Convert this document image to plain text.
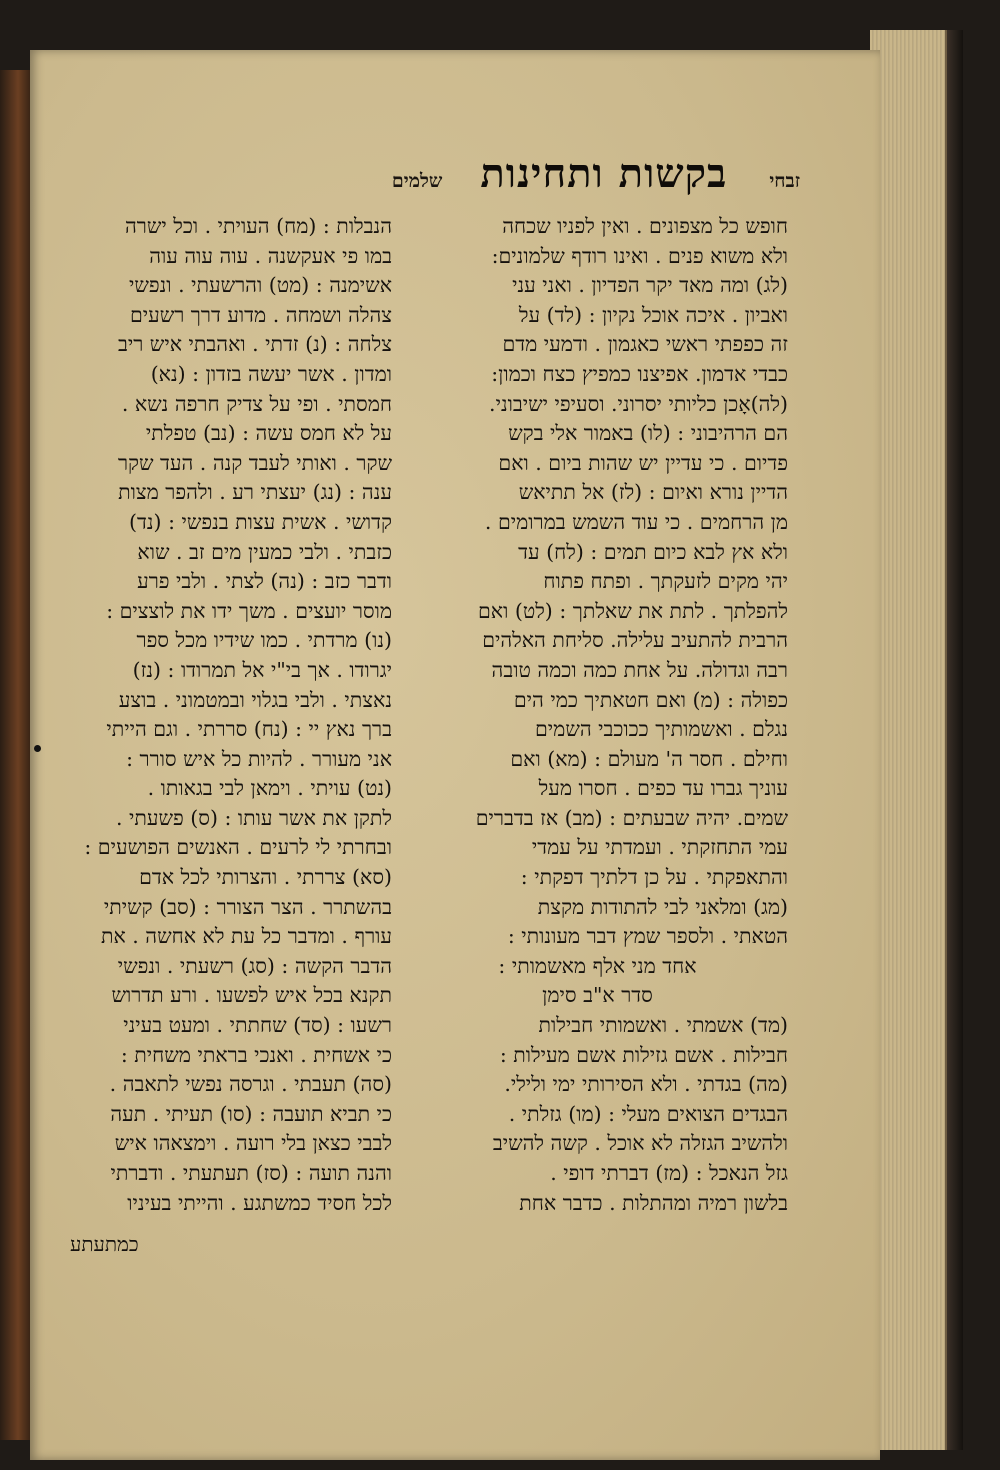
זבחי
בקשות ותחינות
שלמים
חופש כל מצפונים . ואין לפניו שכחה
ולא משוא פנים . ואינו רודף שלמונים:
(לג) ומה מאד יקר הפדיון . ואני עני
ואביון . איכה אוכל נקיון : (לד) על
זה כפפתי ראשי כאגמון . ודמעי מדם
כבדי אדמון. אפיצנו כמפיץ כצח וכמון:
(לה)אָכן כליותי יסרוני. וסעיפי ישיבוני.
הם הרהיבוני : (לו) באמור אלי בקש
פדיום . כי עדיין יש שהות ביום . ואם
הדיין נורא ואיום : (לז) אל תתיאש
מן הרחמים . כי עוד השמש במרומים .
ולא אץ לבא כיום תמים : (לח) עד
יהי מקים לזעקתך . ופתח פתוח
להפלתך . לתת את שאלתך : (לט) ואם
הרבית להתעיב עלילה. סליחת האלהים
רבה וגדולה. על אחת כמה וכמה טובה
כפולה : (מ) ואם חטאתיך כמי הים
נגלם . ואשמותיך ככוכבי השמים
וחילם . חסר ה' מעולם : (מא) ואם
עוניך גברו עד כפים . חסרו מעל
שמים. יהיה שבעתים : (מב) אז בדברים
עמי התחזקתי . ועמדתי על עמדי
והתאפקתי . על כן דלתיך דפקתי :
(מג) ומלאני לבי להתודות מקצת
הטאתי . ולספר שמץ דבר מעונותי :
אחד מני אלף מאשמותי :
סדר א"ב סימן
(מד) אשמתי . ואשמותי חבילות
חבילות . אשם גזילות אשם מעילות :
(מה) בגדתי . ולא הסירותי ימי ולילי.
הבגדים הצואים מעלי : (מו) גזלתי .
ולהשיב הגזלה לא אוכל . קשה להשיב
גזל הנאכל : (מז) דברתי דופי .
בלשון רמיה ומהתלות . כדבר אחת
הנבלות : (מח) העויתי . וכל ישרה
במו פי אעקשנה . עוה עוה עוה
אשימנה : (מט) והרשעתי . ונפשי
צהלה ושמחה . מדוע דרך רשעים
צלחה : (נ) זדתי . ואהבתי איש ריב
ומדון . אשר יעשה בזדון : (נא)
חמסתי . ופי על צדיק חרפה נשא .
על לא חמס עשה : (נב) טפלתי
שקר . ואותי לעבד קנה . העד שקר
ענה : (נג) יעצתי רע . ולהפר מצות
קדושי . אשית עצות בנפשי : (נד)
כזבתי . ולבי כמעין מים זב . שוא
ודבר כזב : (נה) לצתי . ולבי פרע
מוסר יועצים . משך ידו את לוצצים :
(נו) מרדתי . כמו שידיו מכל ספר
יגרודו . אך בי"י אל תמרודו : (נז)
נאצתי . ולבי בגלוי ובמטמוני . בוצע
ברך נאץ יי : (נח) סררתי . וגם הייתי
אני מעורר . להיות כל איש סורר :
(נט) עויתי . וימאן לבי בגאותו .
לתקן את אשר עותו : (ס) פשעתי .
ובחרתי לי לרעים . האנשים הפושעים :
(סא) צררתי . והצרותי לכל אדם
בהשתרר . הצר הצורר : (סב) קשיתי
עורף . ומדבר כל עת לא אחשה . את
הדבר הקשה : (סג) רשעתי . ונפשי
תקנא בכל איש לפשעו . ורע תדרוש
רשעו : (סד) שחתתי . ומעט בעיני
כי אשחית . ואנכי בראתי משחית :
(סה) תעבתי . וגרסה נפשי לתאבה .
כי תביא תועבה : (סו) תעיתי . תעה
לבבי כצאן בלי רועה . וימצאהו איש
והנה תועה : (סז) תעתעתי . ודברתי
לכל חסיד כמשתגע . והייתי בעיניו
כמתעתע
